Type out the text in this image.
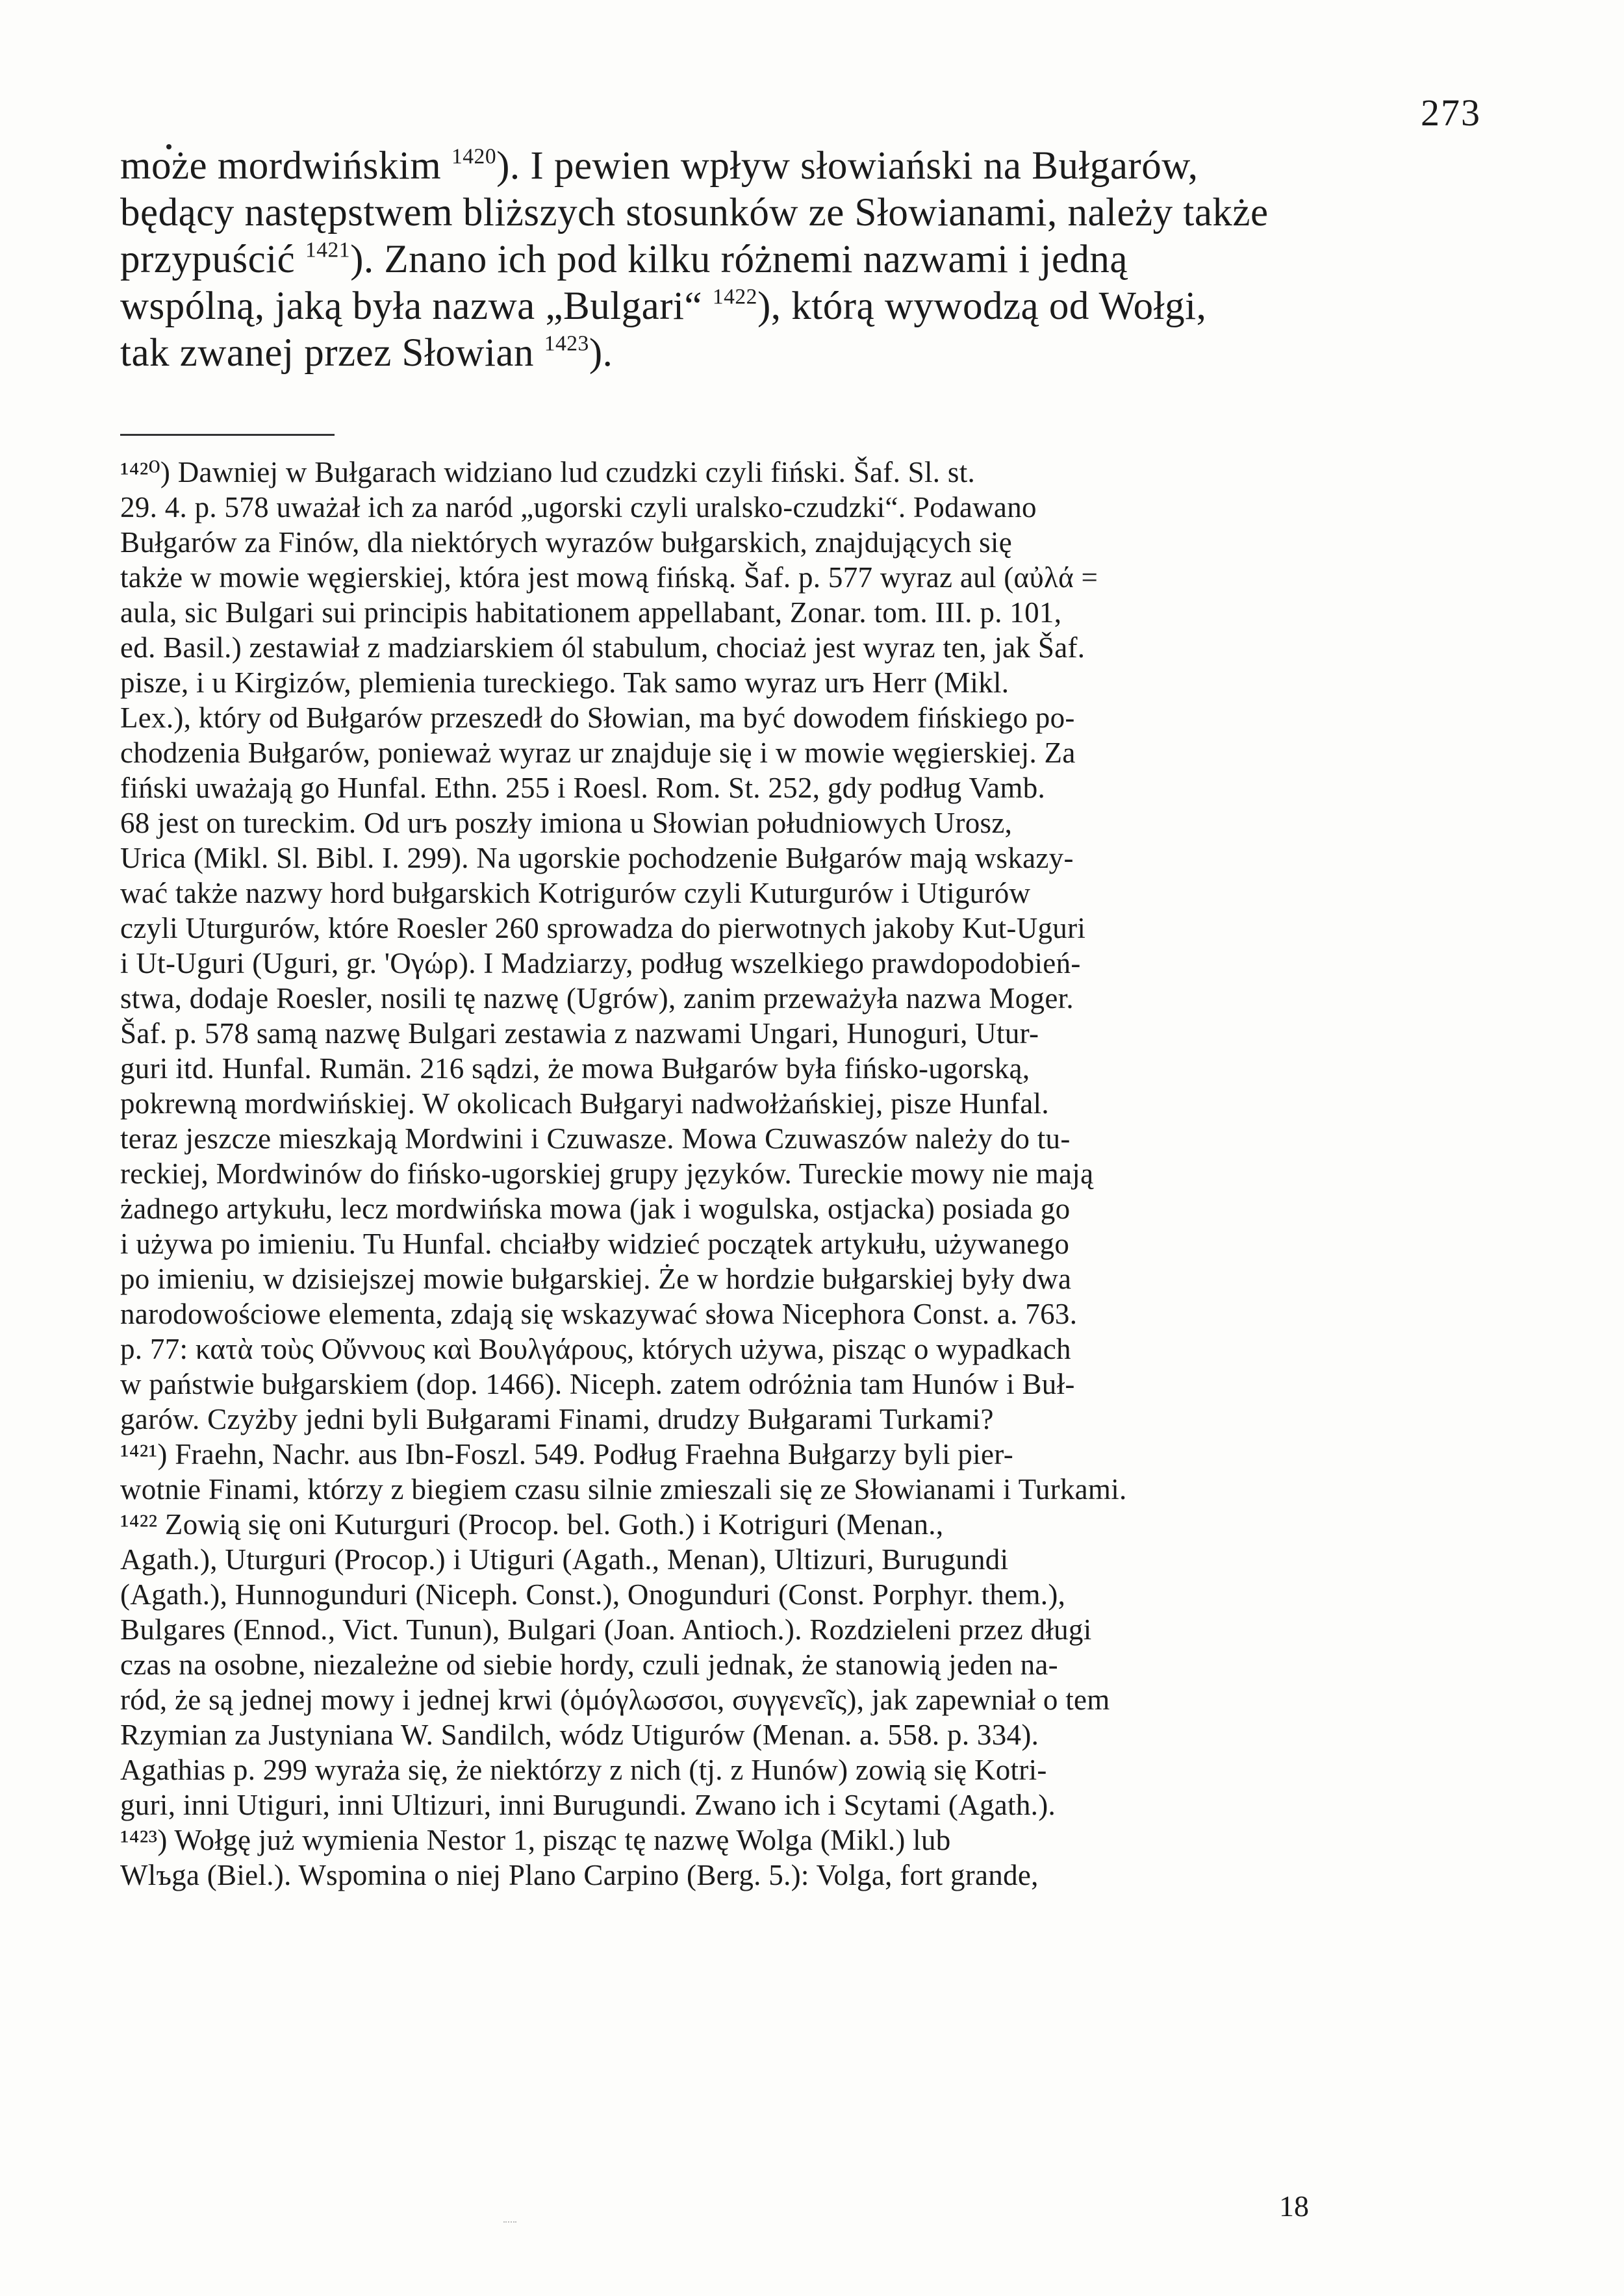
273
może mordwińskim $^{1420}$). I pewien wpływ słowiański na Bułgarów,
będący następstwem bliższych stosunków ze Słowianami, należy także
przypuścić $^{1421}$). Znano ich pod kilku różnemi nazwami i jedną
wspólną, jaką była nazwa „Bulgari“ $^{1422}$), którą wywodzą od Wołgi,
tak zwanej przez Słowian $^{1423}$).
¹⁴²⁰) Dawniej w Bułgarach widziano lud czudzki czyli fiński. Šaf. Sl. st.
29. 4. p. 578 uważał ich za naród „ugorski czyli uralsko-czudzki“. Podawano
Bułgarów za Finów, dla niektórych wyrazów bułgarskich, znajdujących się
także w mowie węgierskiej, która jest mową fińską. Šaf. p. 577 wyraz aul (αὐλά =
aula, sic Bulgari sui principis habitationem appellabant, Zonar. tom. III. p. 101,
ed. Basil.) zestawiał z madziarskiem ól stabulum, chociaż jest wyraz ten, jak Šaf.
pisze, i u Kirgizów, plemienia tureckiego. Tak samo wyraz urъ Herr (Mikl.
Lex.), który od Bułgarów przeszedł do Słowian, ma być dowodem fińskiego po-
chodzenia Bułgarów, ponieważ wyraz ur znajduje się i w mowie węgierskiej. Za
fiński uważają go Hunfal. Ethn. 255 i Roesl. Rom. St. 252, gdy podług Vamb.
68 jest on tureckim. Od urъ poszły imiona u Słowian południowych Urosz,
Urica (Mikl. Sl. Bibl. I. 299). Na ugorskie pochodzenie Bułgarów mają wskazy-
wać także nazwy hord bułgarskich Kotrigurów czyli Kuturgurów i Utigurów
czyli Uturgurów, które Roesler 260 sprowadza do pierwotnych jakoby Kut-Uguri
i Ut-Uguri (Uguri, gr. 'Ογώρ). I Madziarzy, podług wszelkiego prawdopodobień-
stwa, dodaje Roesler, nosili tę nazwę (Ugrów), zanim przeważyła nazwa Moger.
Šaf. p. 578 samą nazwę Bulgari zestawia z nazwami Ungari, Hunoguri, Utur-
guri itd. Hunfal. Rumän. 216 sądzi, że mowa Bułgarów była fińsko-ugorską,
pokrewną mordwińskiej. W okolicach Bułgaryi nadwołżańskiej, pisze Hunfal.
teraz jeszcze mieszkają Mordwini i Czuwasze. Mowa Czuwaszów należy do tu-
reckiej, Mordwinów do fińsko-ugorskiej grupy języków. Tureckie mowy nie mają
żadnego artykułu, lecz mordwińska mowa (jak i wogulska, ostjacka) posiada go
i używa po imieniu. Tu Hunfal. chciałby widzieć początek artykułu, używanego
po imieniu, w dzisiejszej mowie bułgarskiej. Że w hordzie bułgarskiej były dwa
narodowościowe elementa, zdają się wskazywać słowa Nicephora Const. a. 763.
p. 77: κατὰ τοὺς Οὔννους καὶ Βουλγάρους, których używa, pisząc o wypadkach
w państwie bułgarskiem (dop. 1466). Niceph. zatem odróżnia tam Hunów i Buł-
garów. Czyżby jedni byli Bułgarami Finami, drudzy Bułgarami Turkami?
¹⁴²¹) Fraehn, Nachr. aus Ibn-Foszl. 549. Podług Fraehna Bułgarzy byli pier-
wotnie Finami, którzy z biegiem czasu silnie zmieszali się ze Słowianami i Turkami.
¹⁴²² Zowią się oni Kuturguri (Procop. bel. Goth.) i Kotriguri (Menan.,
Agath.), Uturguri (Procop.) i Utiguri (Agath., Menan), Ultizuri, Burugundi
(Agath.), Hunnogunduri (Niceph. Const.), Onogunduri (Const. Porphyr. them.),
Bulgares (Ennod., Vict. Tunun), Bulgari (Joan. Antioch.). Rozdzieleni przez długi
czas na osobne, niezależne od siebie hordy, czuli jednak, że stanowią jeden na-
ród, że są jednej mowy i jednej krwi (ὁμόγλωσσοι, συγγενεῖς), jak zapewniał o tem
Rzymian za Justyniana W. Sandilch, wódz Utigurów (Menan. a. 558. p. 334).
Agathias p. 299 wyraża się, że niektórzy z nich (tj. z Hunów) zowią się Kotri-
guri, inni Utiguri, inni Ultizuri, inni Burugundi. Zwano ich i Scytami (Agath.).
¹⁴²³) Wołgę już wymienia Nestor 1, pisząc tę nazwę Wolga (Mikl.) lub
Wlъga (Biel.). Wspomina o niej Plano Carpino (Berg. 5.): Volga, fort grande,
18
